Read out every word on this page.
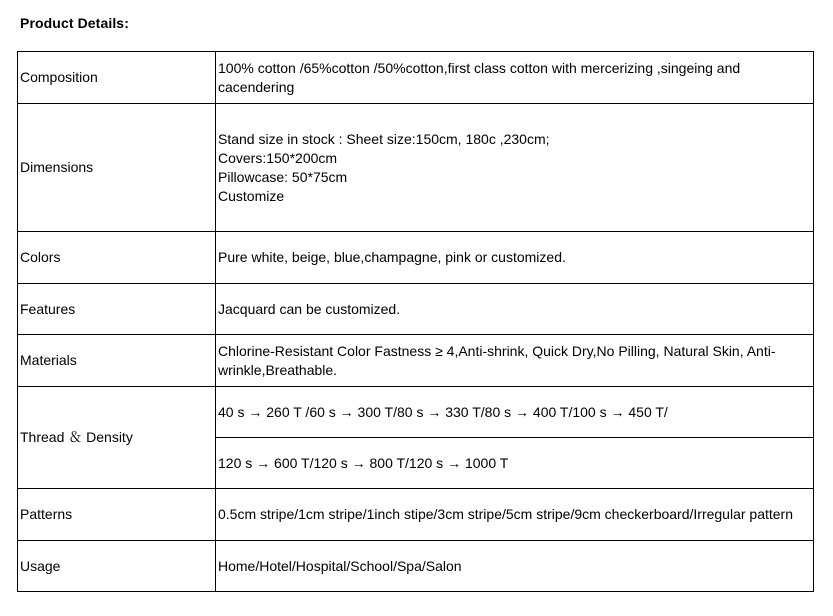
Product Details:
Composition	100% cotton /65%cotton /50%cotton,first class cotton with mercerizing ,singeing and cacendering
Dimensions	Stand size in stock : Sheet size:150cm, 180c ,230cm;
Covers:150*200cm
Pillowcase: 50*75cm
Customize

Colors	Pure white, beige, blue,champagne, pink or customized.
Features	Jacquard can be customized.
Materials	Chlorine-Resistant Color Fastness ≥ 4,Anti-shrink, Quick Dry,No Pilling, Natural Skin, Anti-wrinkle,Breathable.
Thread ＆ Density	40 s → 260 T /60 s → 300 T/80 s → 330 T/80 s → 400 T/100 s → 450 T/
	120 s → 600 T/120 s → 800 T/120 s → 1000 T
Patterns	0.5cm stripe/1cm stripe/1inch stipe/3cm stripe/5cm stripe/9cm checkerboard/Irregular pattern
Usage	Home/Hotel/Hospital/School/Spa/Salon
